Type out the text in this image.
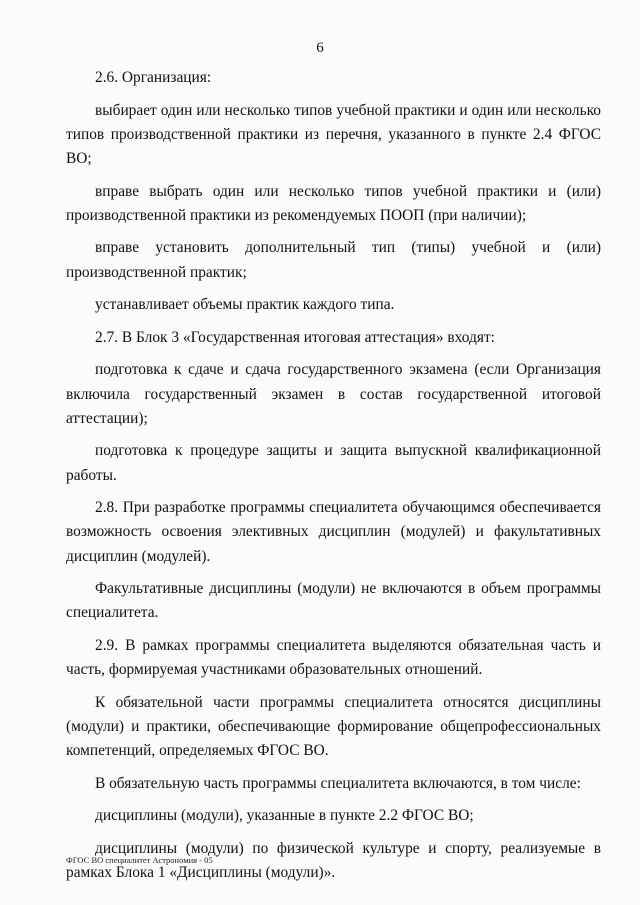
6

2.6. Организация:

выбирает один или несколько типов учебной практики и один или несколько типов производственной практики из перечня, указанного в пункте 2.4 ФГОС ВО;

вправе выбрать один или несколько типов учебной практики и (или) производственной практики из рекомендуемых ПООП (при наличии);

вправе установить дополнительный тип (типы) учебной и (или) производственной практик;

устанавливает объемы практик каждого типа.

2.7. В Блок 3 «Государственная итоговая аттестация» входят:

подготовка к сдаче и сдача государственного экзамена (если Организация включила государственный экзамен в состав государственной итоговой аттестации);

подготовка к процедуре защиты и защита выпускной квалификационной работы.

2.8. При разработке программы специалитета обучающимся обеспечивается возможность освоения элективных дисциплин (модулей) и факультативных дисциплин (модулей).

Факультативные дисциплины (модули) не включаются в объем программы специалитета.

2.9. В рамках программы специалитета выделяются обязательная часть и часть, формируемая участниками образовательных отношений.

К обязательной части программы специалитета относятся дисциплины (модули) и практики, обеспечивающие формирование общепрофессиональных компетенций, определяемых ФГОС ВО.

В обязательную часть программы специалитета включаются, в том числе:

дисциплины (модули), указанные в пункте 2.2 ФГОС ВО;

дисциплины (модули) по физической культуре и спорту, реализуемые в рамках Блока 1 «Дисциплины (модули)».

ФГОС ВО специалитет Астрономия - 05
